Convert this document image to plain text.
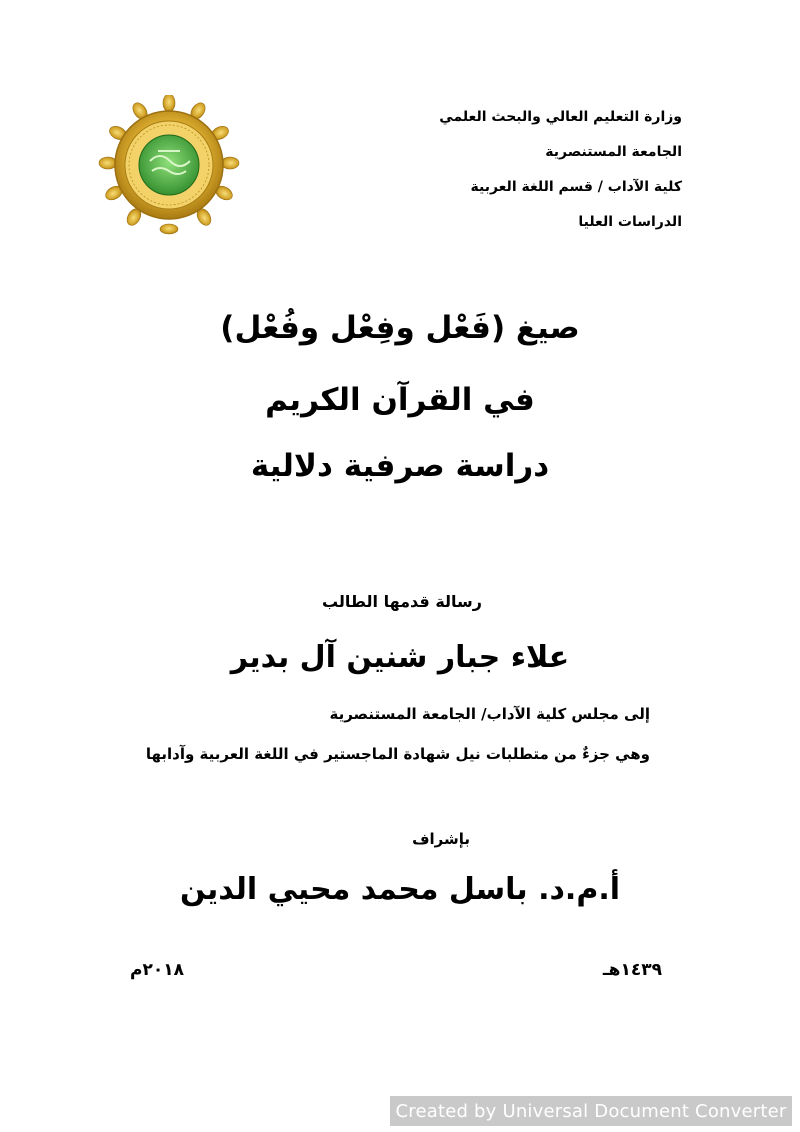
وزارة التعليم العالي والبحث العلمي
الجامعة المستنصرية
كلية الآداب / قسم اللغة العربية
الدراسات العليا
صيغ (فَعْل وفِعْل وفُعْل)
في القرآن الكريم
دراسة صرفية دلالية
رسالة قدمها الطالب
علاء جبار شنين آل بدير
إلى مجلس كلية الآداب/ الجامعة المستنصرية
وهي جزءٌ من متطلبات نيل شهادة الماجستير في اللغة العربية وآدابها
بإشراف
أ.م.د. باسل محمد محيي الدين
١٤٣٩هـ
٢٠١٨م
Created by Universal Document Converter
